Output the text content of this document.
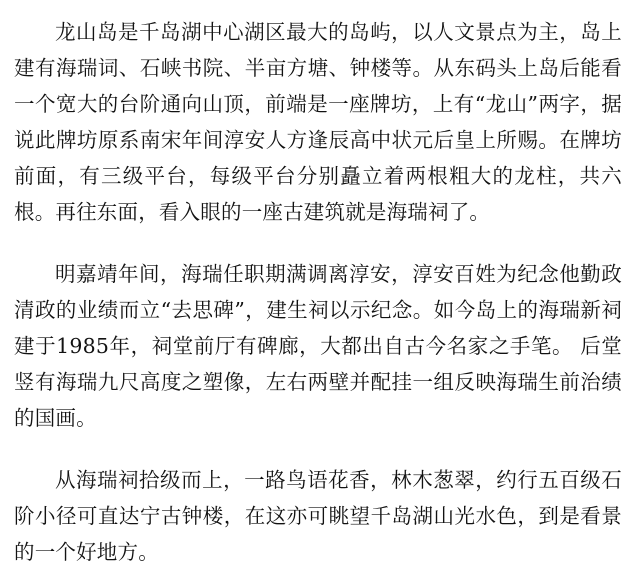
龙山岛是千岛湖中心湖区最大的岛屿，以人文景点为主，岛上建有海瑞词、石峡书院、半亩方塘、钟楼等。从东码头上岛后能看一个宽大的台阶通向山顶，前端是一座牌坊，上有“龙山”两字，据说此牌坊原系南宋年间淳安人方逢辰高中状元后皇上所赐。在牌坊前面，有三级平台，每级平台分别矗立着两根粗大的龙柱，共六根。再往东面，看入眼的一座古建筑就是海瑞祠了。

明嘉靖年间，海瑞任职期满调离淳安，淳安百姓为纪念他勤政清政的业绩而立“去思碑”，建生祠以示纪念。如今岛上的海瑞新祠建于1985年，祠堂前厅有碑廊，大都出自古今名家之手笔。 后堂竖有海瑞九尺高度之塑像，左右两壁并配挂一组反映海瑞生前治绩的国画。

从海瑞祠拾级而上，一路鸟语花香，林木葱翠，约行五百级石阶小径可直达宁古钟楼，在这亦可眺望千岛湖山光水色，到是看景的一个好地方。
